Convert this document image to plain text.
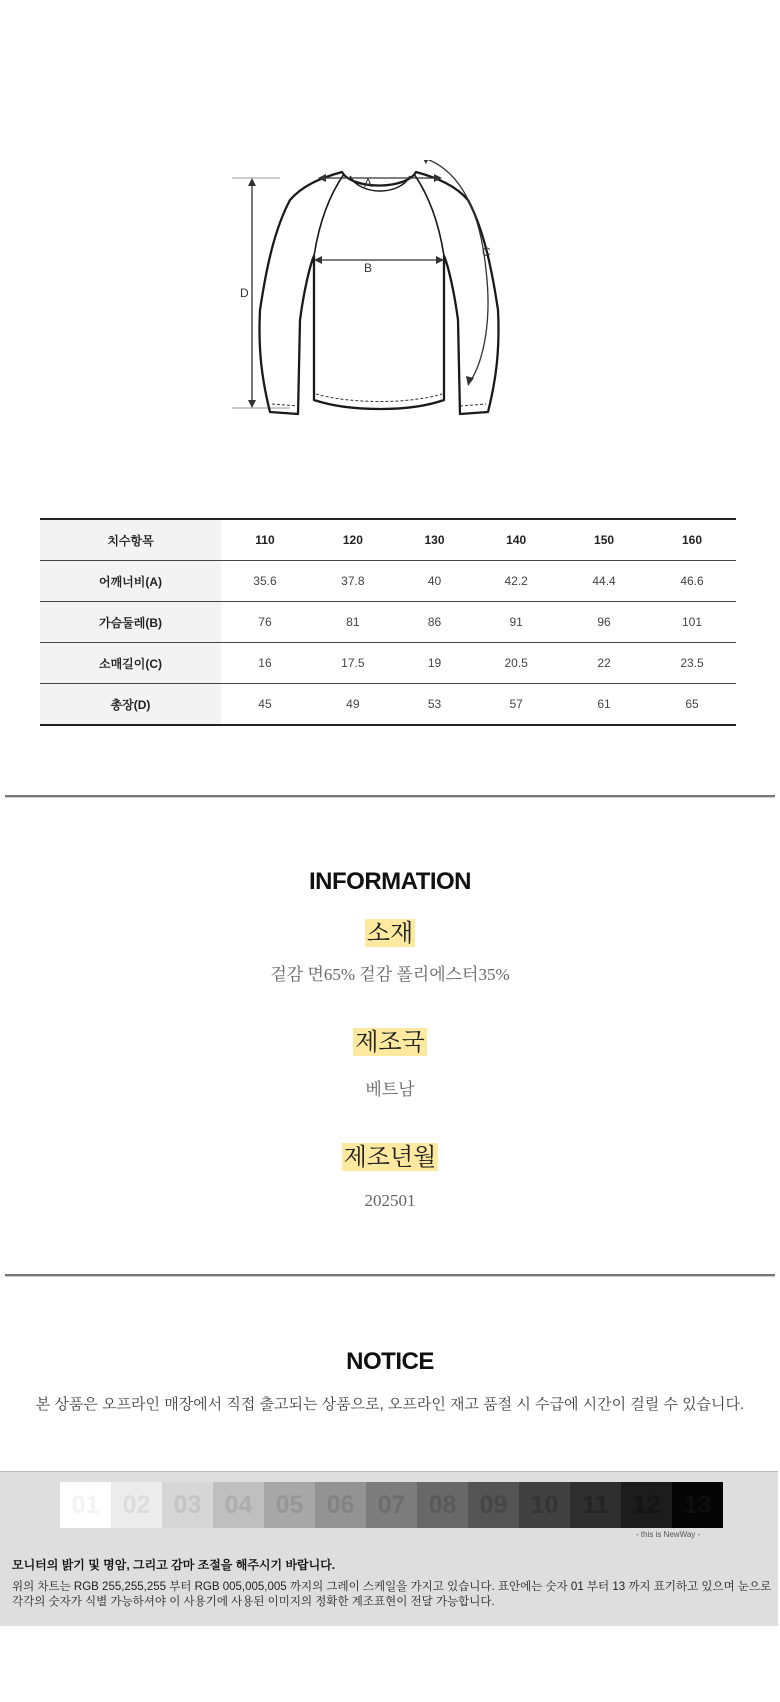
D
A
B
C
치수항목	110	120	130	140	150	160
어깨너비(A)	35.6	37.8	40	42.2	44.4	46.6
가슴둘레(B)	76	81	86	91	96	101
소매길이(C)	16	17.5	19	20.5	22	23.5
총장(D)	45	49	53	57	61	65
INFORMATION
소재
겉감 면65% 겉감 폴리에스터35%
제조국
베트남
제조년월
202501
NOTICE
본 상품은 오프라인 매장에서 직접 출고되는 상품으로, 오프라인 재고 품절 시 수급에 시간이 걸릴 수 있습니다.
01 02 03 04 05 06 07 08 09 10 11 12 13
- this is NewWay -
모니터의 밝기 및 명암, 그리고 감마 조절을 해주시기 바랍니다.
위의 차트는 RGB 255,255,255 부터 RGB 005,005,005 까지의 그레이 스케일을 가지고 있습니다. 표안에는 숫자 01 부터 13 까지 표기하고 있으며 눈으로 각각의 숫자가 식별 가능하셔야 이 사용기에 사용된 이미지의 정확한 계조표현이 전달 가능합니다.
